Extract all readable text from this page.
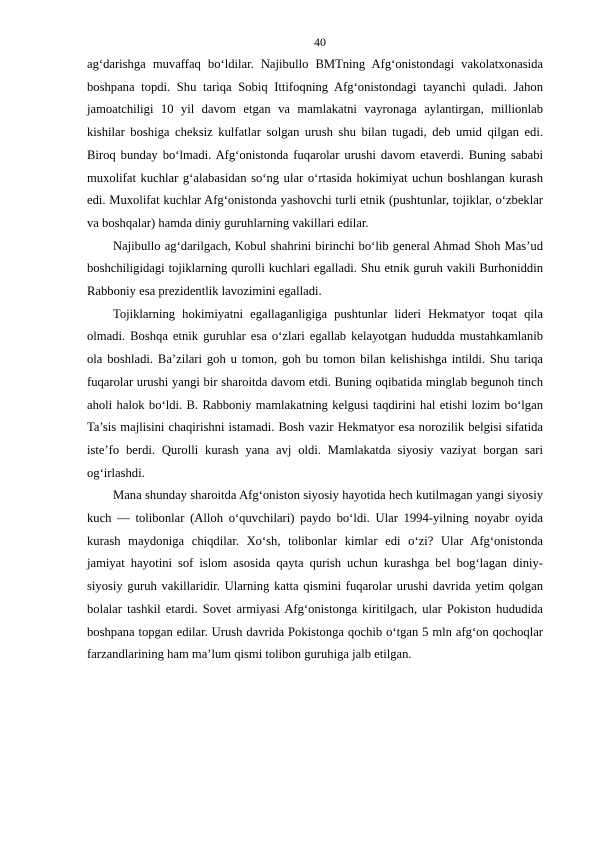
40

ag‘darishga muvaffaq bo‘ldilar. Najibullo BMTning Afg‘onistondagi vakolatxonasida boshpana topdi. Shu tariqa Sobiq Ittifoqning Afg‘onistondagi tayanchi quladi. Jahon jamoatchiligi 10 yil davom etgan va mamlakatni vayronaga aylantirgan, millionlab kishilar boshiga cheksiz kulfatlar solgan urush shu bilan tugadi, deb umid qilgan edi. Biroq bunday bo‘lmadi. Afg‘onistonda fuqarolar urushi davom etaverdi. Buning sababi muxolifat kuchlar g‘alabasidan so‘ng ular o‘rtasida hokimiyat uchun boshlangan kurash edi. Muxolifat kuchlar Afg‘onistonda yashovchi turli etnik (pushtunlar, tojiklar, o‘zbeklar va boshqalar) hamda diniy guruhlarning vakillari edilar.

Najibullo ag‘darilgach, Kobul shahrini birinchi bo‘lib general Ahmad Shoh Mas’ud boshchiligidagi tojiklarning qurolli kuchlari egalladi. Shu etnik guruh vakili Burhoniddin Rabboniy esa prezidentlik lavozimini egalladi.

Tojiklarning hokimiyatni egallaganligiga pushtunlar lideri Hekmatyor toqat qila olmadi. Boshqa etnik guruhlar esa o‘zlari egallab kelayotgan hududda mustahkamlanib ola boshladi. Ba’zilari goh u tomon, goh bu tomon bilan kelishishga intildi. Shu tariqa fuqarolar urushi yangi bir sharoitda davom etdi. Buning oqibatida minglab begunoh tinch aholi halok bo‘ldi. B. Rabboniy mamlakatning kelgusi taqdirini hal etishi lozim bo‘lgan Ta’sis majlisini chaqirishni istamadi. Bosh vazir Hekmatyor esa norozilik belgisi sifatida iste’fo berdi. Qurolli kurash yana avj oldi. Mamlakatda siyosiy vaziyat borgan sari og‘irlashdi.

Mana shunday sharoitda Afg‘oniston siyosiy hayotida hech kutilmagan yangi siyosiy kuch — tolibonlar (Alloh o‘quvchilari) paydo bo‘ldi. Ular 1994-yilning noyabr oyida kurash maydoniga chiqdilar. Xo‘sh, tolibonlar kimlar edi o‘zi? Ular Afg‘onistonda jamiyat hayotini sof islom asosida qayta qurish uchun kurashga bel bog‘lagan diniy-siyosiy guruh vakillaridir. Ularning katta qismini fuqarolar urushi davrida yetim qolgan bolalar tashkil etardi. Sovet armiyasi Afg‘onistonga kiritilgach, ular Pokiston hududida boshpana topgan edilar. Urush davrida Pokistonga qochib o‘tgan 5 mln afg‘on qochoqlar farzandlarining ham ma’lum qismi tolibon guruhiga jalb etilgan.
